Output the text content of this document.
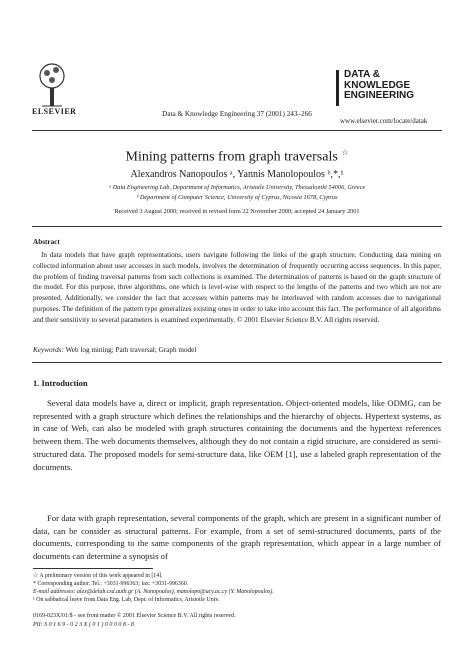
ELSEVIER	Data & Knowledge Engineering 37 (2001) 243–266
DATA &
KNOWLEDGE
ENGINEERING
www.elsevier.com/locate/datak
Mining patterns from graph traversals ☆
Alexandros Nanopoulos ᵃ, Yannis Manolopoulos ᵇ,*,¹
ᵃ Data Engineering Lab, Department of Informatics, Aristotle University, Thessaloniki 54006, Greece
ᵇ Department of Computer Science, University of Cyprus, Nicosia 1678, Cyprus
Received 3 August 2000; received in revised form 22 November 2000; accepted 24 January 2001
Abstract
In data models that have graph representations, users navigate following the links of the graph structure. Conducting data mining on collected information about user accesses in such models, involves the determination of frequently occurring access sequences. In this paper, the problem of finding traversal patterns from such collections is examined. The determination of patterns is based on the graph structure of the model. For this purpose, three algorithms, one which is level-wise with respect to the lengths of the patterns and two which are not are presented. Additionally, we consider the fact that accesses within patterns may be interleaved with random accesses due to navigational purposes. The definition of the pattern type generalizes existing ones in order to take into account this fact. The performance of all algorithms and their sensitivity to several parameters is examined experimentally. © 2001 Elsevier Science B.V. All rights reserved.
Keywords: Web log mining; Path traversal; Graph model
1. Introduction
Several data models have a, direct or implicit, graph representation. Object-oriented models, like ODMG, can be represented with a graph structure which defines the relationships and the hierarchy of objects. Hypertext systems, as in case of Web, can also be modeled with graph structures containing the documents and the hypertext references between them. The web documents themselves, although they do not contain a rigid structure, are considered as semi-structured data. The proposed models for semi-structure data, like OEM [1], use a labeled graph representation of the documents.
For data with graph representation, several components of the graph, which are present in a significant number of data, can be consider as structural patterns. For example, from a set of semi-structured documents, parts of the documents, corresponding to the same components of the graph representation, which appear in a large number of documents can determine a synopsis of
☆ A preliminary version of this work appeared in [14].
* Corresponding author. Tel.: +3031-996363; fax: +3031-996360.
E-mail addresses: alex@delab.csd.auth.gr (A. Nanopoulos), manolopo@ucy.ac.cy (Y. Manolopoulos).
¹ On sabbatical leave from Data Eng. Lab, Dept. of Informatics, Aristotle Univ.
0169-023X/01/$ - see front matter © 2001 Elsevier Science B.V. All rights reserved.
PII: S 0 1 6 9 - 0 2 3 X ( 0 1 ) 0 0 0 0 8 - 8
